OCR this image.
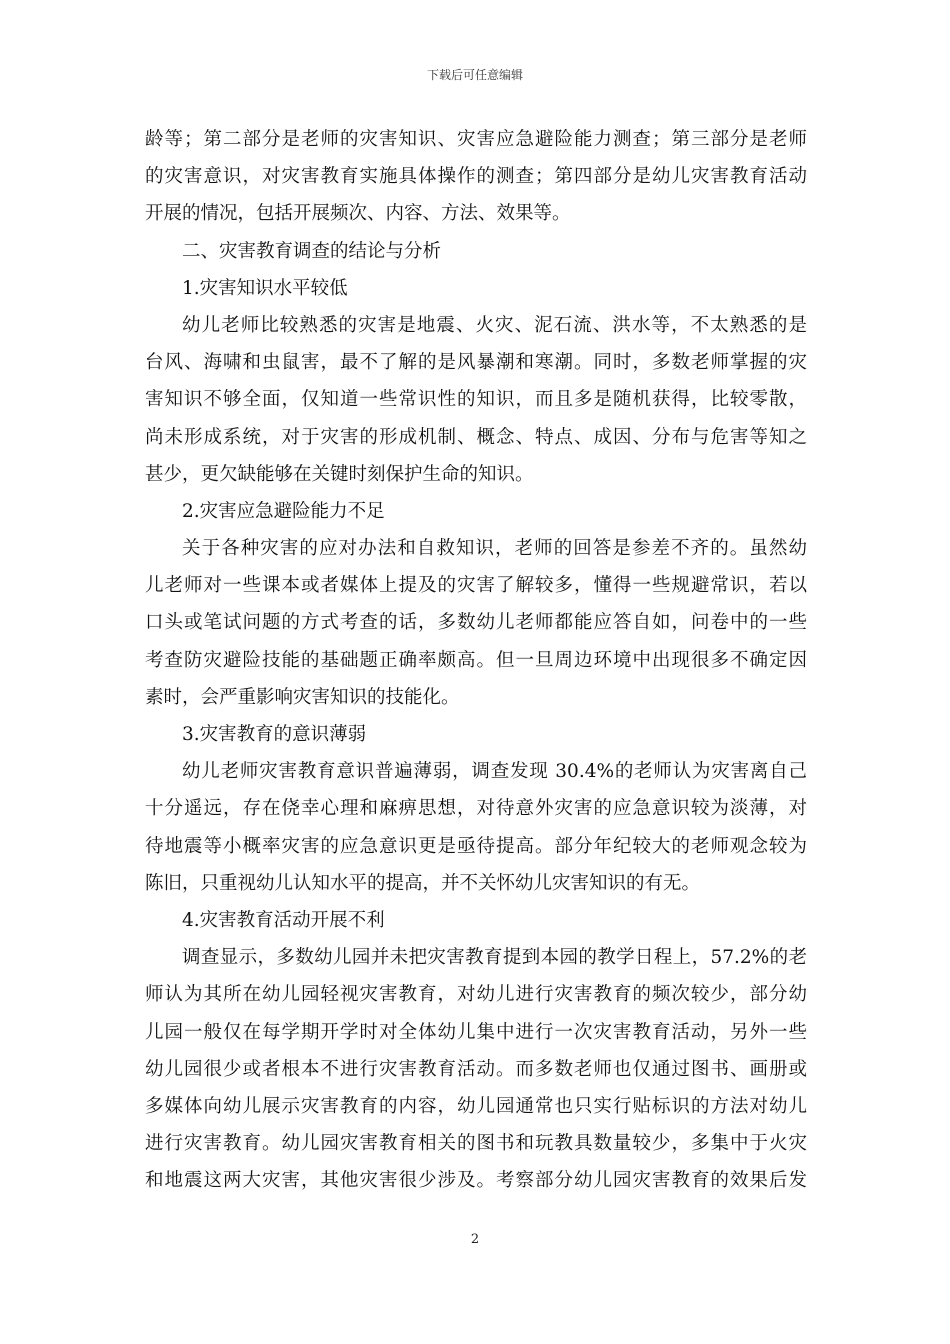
下载后可任意编辑
龄等；第二部分是老师的灾害知识、灾害应急避险能力测查；第三部分是老师
的灾害意识，对灾害教育实施具体操作的测查；第四部分是幼儿灾害教育活动
开展的情况，包括开展频次、内容、方法、效果等。
二、灾害教育调查的结论与分析
1.灾害知识水平较低
幼儿老师比较熟悉的灾害是地震、火灾、泥石流、洪水等，不太熟悉的是
台风、海啸和虫鼠害，最不了解的是风暴潮和寒潮。同时，多数老师掌握的灾
害知识不够全面，仅知道一些常识性的知识，而且多是随机获得，比较零散，
尚未形成系统，对于灾害的形成机制、概念、特点、成因、分布与危害等知之
甚少，更欠缺能够在关键时刻保护生命的知识。
2.灾害应急避险能力不足
关于各种灾害的应对办法和自救知识，老师的回答是参差不齐的。虽然幼
儿老师对一些课本或者媒体上提及的灾害了解较多，懂得一些规避常识，若以
口头或笔试问题的方式考查的话，多数幼儿老师都能应答自如，问卷中的一些
考查防灾避险技能的基础题正确率颇高。但一旦周边环境中出现很多不确定因
素时，会严重影响灾害知识的技能化。
3.灾害教育的意识薄弱
幼儿老师灾害教育意识普遍薄弱，调查发现 30.4%的老师认为灾害离自己
十分遥远，存在侥幸心理和麻痹思想，对待意外灾害的应急意识较为淡薄，对
待地震等小概率灾害的应急意识更是亟待提高。部分年纪较大的老师观念较为
陈旧，只重视幼儿认知水平的提高，并不关怀幼儿灾害知识的有无。
4.灾害教育活动开展不利
调查显示，多数幼儿园并未把灾害教育提到本园的教学日程上，57.2%的老
师认为其所在幼儿园轻视灾害教育，对幼儿进行灾害教育的频次较少，部分幼
儿园一般仅在每学期开学时对全体幼儿集中进行一次灾害教育活动，另外一些
幼儿园很少或者根本不进行灾害教育活动。而多数老师也仅通过图书、画册或
多媒体向幼儿展示灾害教育的内容，幼儿园通常也只实行贴标识的方法对幼儿
进行灾害教育。幼儿园灾害教育相关的图书和玩教具数量较少，多集中于火灾
和地震这两大灾害，其他灾害很少涉及。考察部分幼儿园灾害教育的效果后发
2
